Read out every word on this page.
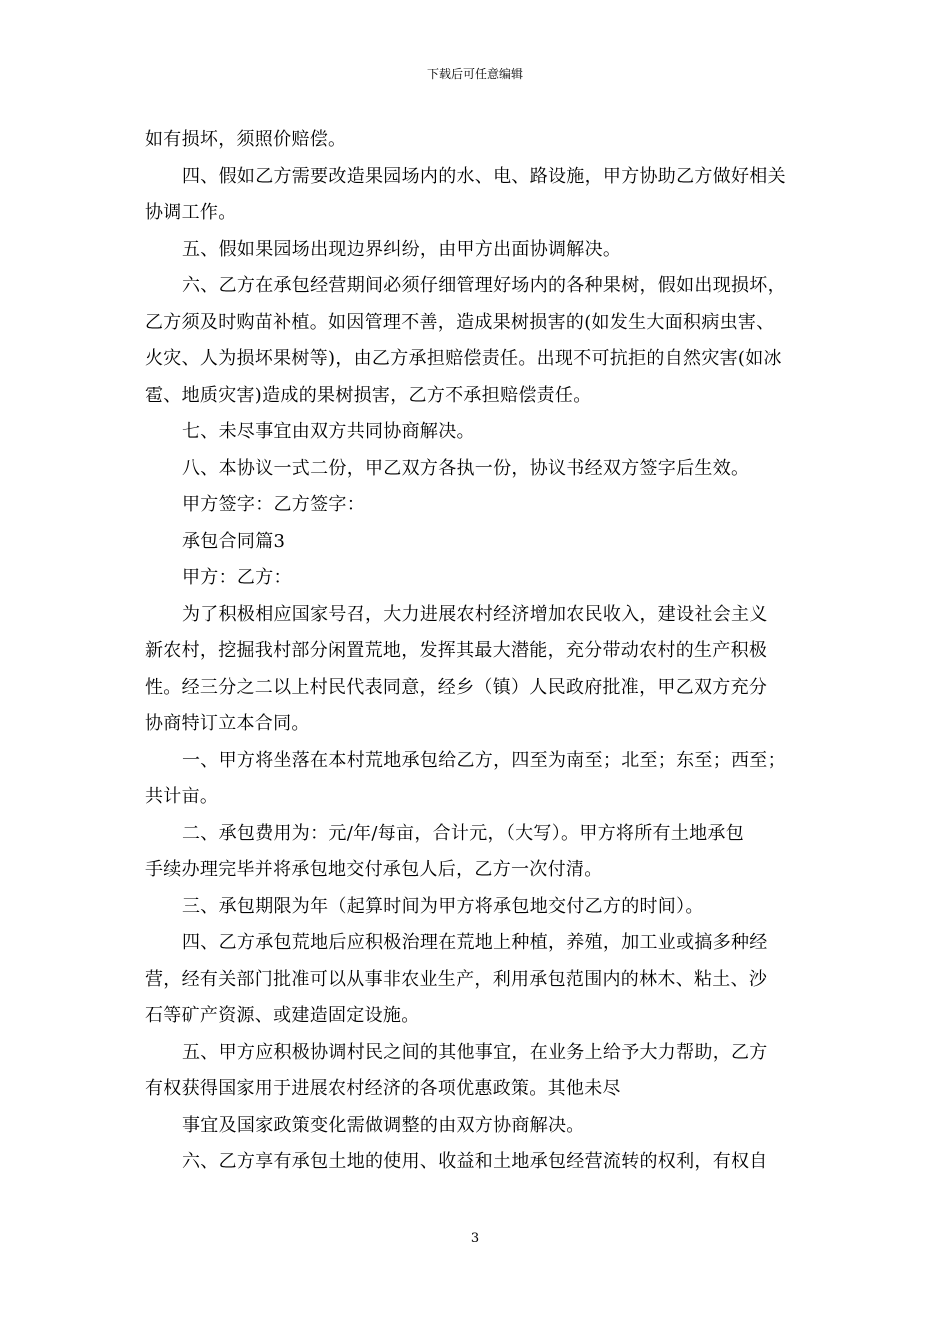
下载后可任意编辑

如有损坏，须照价赔偿。

四、假如乙方需要改造果园场内的水、电、路设施，甲方协助乙方做好相关

协调工作。

五、假如果园场出现边界纠纷，由甲方出面协调解决。

六、乙方在承包经营期间必须仔细管理好场内的各种果树，假如出现损坏，

乙方须及时购苗补植。如因管理不善，造成果树损害的(如发生大面积病虫害、

火灾、人为损坏果树等)，由乙方承担赔偿责任。出现不可抗拒的自然灾害(如冰

雹、地质灾害)造成的果树损害，乙方不承担赔偿责任。

七、未尽事宜由双方共同协商解决。

八、本协议一式二份，甲乙双方各执一份，协议书经双方签字后生效。

甲方签字：乙方签字：

承包合同篇3

甲方：乙方：

为了积极相应国家号召，大力进展农村经济增加农民收入，建设社会主义

新农村，挖掘我村部分闲置荒地，发挥其最大潜能，充分带动农村的生产积极

性。经三分之二以上村民代表同意，经乡（镇）人民政府批准，甲乙双方充分

协商特订立本合同。

一、甲方将坐落在本村荒地承包给乙方，四至为南至；北至；东至；西至；

共计亩。

二、承包费用为：元/年/每亩，合计元，（大写）。甲方将所有土地承包

手续办理完毕并将承包地交付承包人后，乙方一次付清。

三、承包期限为年（起算时间为甲方将承包地交付乙方的时间）。

四、乙方承包荒地后应积极治理在荒地上种植，养殖，加工业或搞多种经

营，经有关部门批准可以从事非农业生产，利用承包范围内的林木、粘土、沙

石等矿产资源、或建造固定设施。

五、甲方应积极协调村民之间的其他事宜，在业务上给予大力帮助，乙方

有权获得国家用于进展农村经济的各项优惠政策。其他未尽

事宜及国家政策变化需做调整的由双方协商解决。

六、乙方享有承包土地的使用、收益和土地承包经营流转的权利，有权自

3
